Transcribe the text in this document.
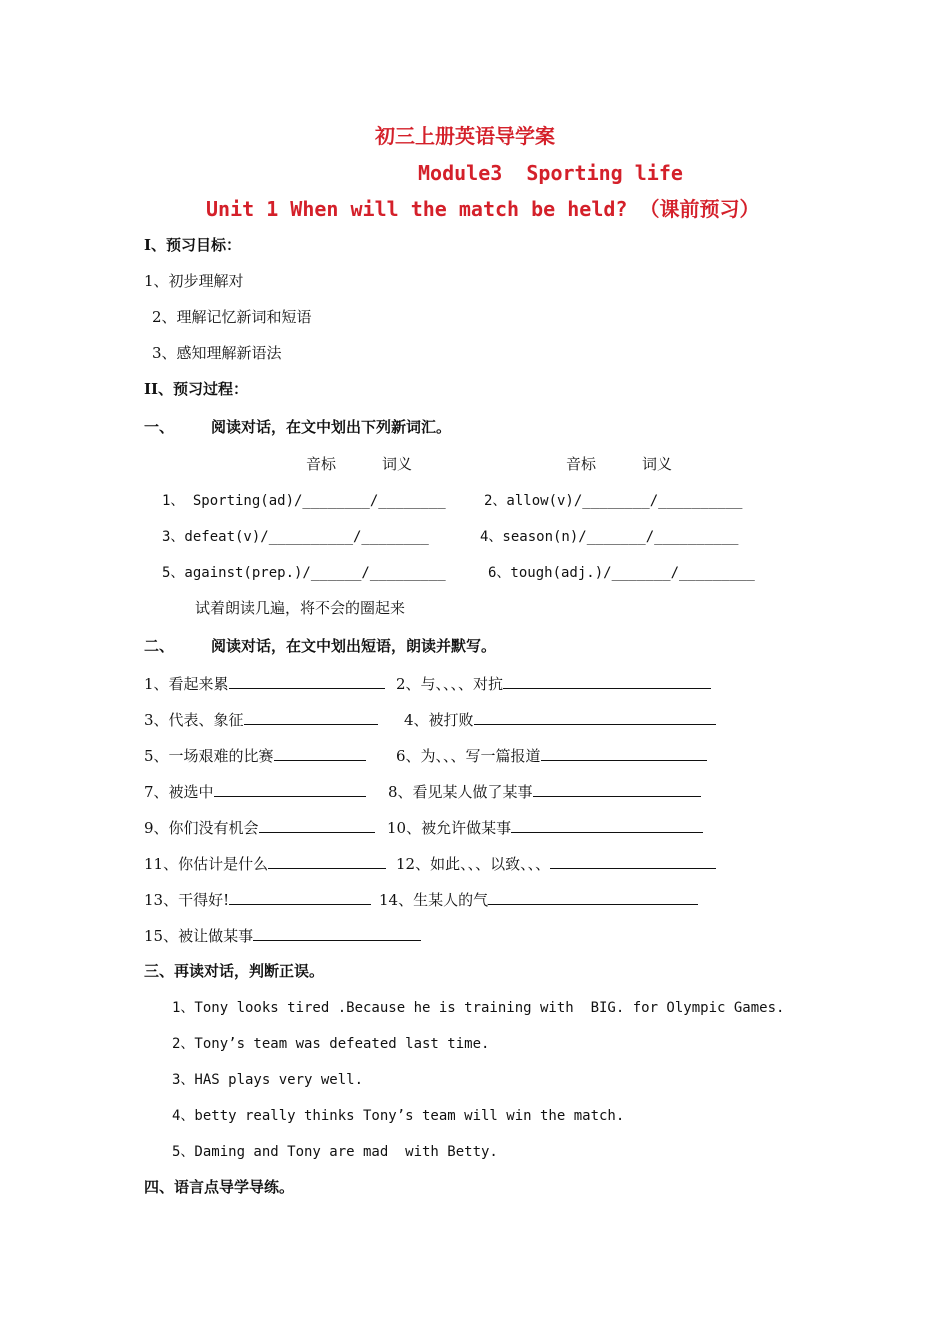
初三上册英语导学案
Module3  Sporting life
Unit 1 When will the match be held? （课前预习）
I、预习目标：
1、初步理解对
2、理解记忆新词和短语
3、感知理解新语法
II、预习过程：
一、 阅读对话，在文中划出下列新词汇。
音标	词义	音标	词义
1、 Sporting(ad)/________/________	2、allow(v)/________/__________
3、defeat(v)/__________/________	4、season(n)/_______/__________
5、against(prep.)/______/_________	6、tough(adj.)/_______/_________
试着朗读几遍，将不会的圈起来
二、 阅读对话，在文中划出短语，朗读并默写。
1、看起来累	2、与、、、、对抗
3、代表、象征	4、被打败
5、一场艰难的比赛	6、为、、、写一篇报道
7、被选中	8、看见某人做了某事
9、你们没有机会	10、被允许做某事
11、你估计是什么	12、如此、、、以致、、、
13、干得好!	14、生某人的气
15、被让做某事
三、再读对话，判断正误。
1、Tony looks tired .Because he is training with  BIG. for Olympic Games.
2、Tony’s team was defeated last time.
3、HAS plays very well.
4、betty really thinks Tony’s team will win the match.
5、Daming and Tony are mad  with Betty.
四、语言点导学导练。
